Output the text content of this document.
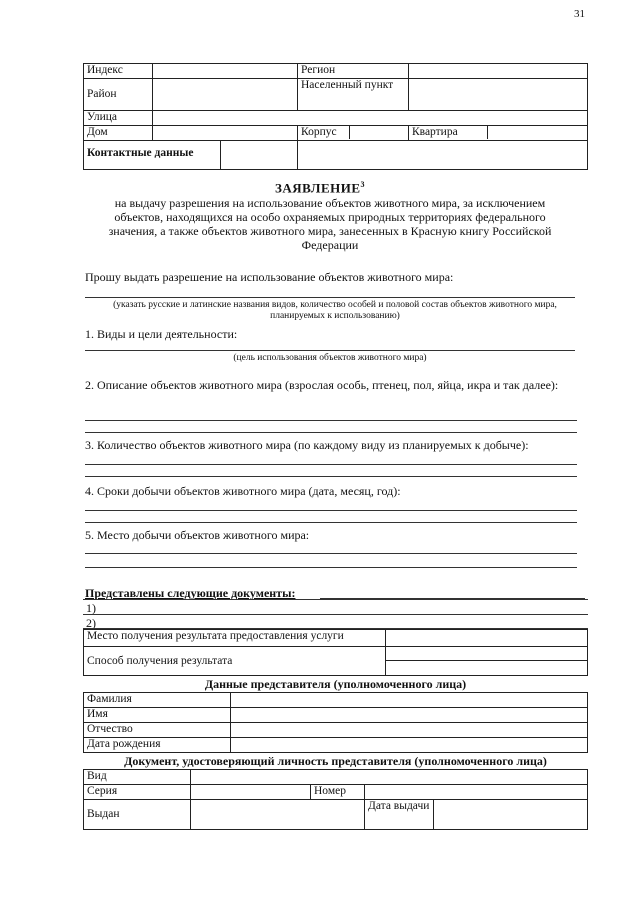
31
Индекс		Регион	
Район		Населенный пункт	
Улица			
Дом		Корпус	Квартира

Контактные данные			

ЗАЯВЛЕНИЕ$^3$
на выдачу разрешения на использование объектов животного мира, за исключением объектов, находящихся на особо охраняемых природных территориях федерального значения, а также объектов животного мира, занесенных в Красную книгу Российской Федерации
Прошу выдать разрешение на использование объектов животного мира:
(указать русские и латинские названия видов, количество особей и половой состав объектов животного мира, планируемых к использованию)
1. Виды и цели деятельности:
(цель использования объектов животного мира)
2. Описание объектов животного мира (взрослая особь, птенец, пол, яйца, икра и так далее):
3. Количество объектов животного мира (по каждому виду из планируемых к добыче):
4. Сроки добычи объектов животного мира (дата, месяц, год):
5. Место добычи объектов животного мира:
Представлены следующие документы:
1)
2)
Место получения результата предоставления услуги	
Способ получения результата	
Данные представителя (уполномоченного лица)
Фамилия	
Имя	
Отчество	
Дата рождения	
Документ, удостоверяющий личность представителя (уполномоченного лица)
Вид				
Серия		Номер		
Выдан			Дата выдачи	
